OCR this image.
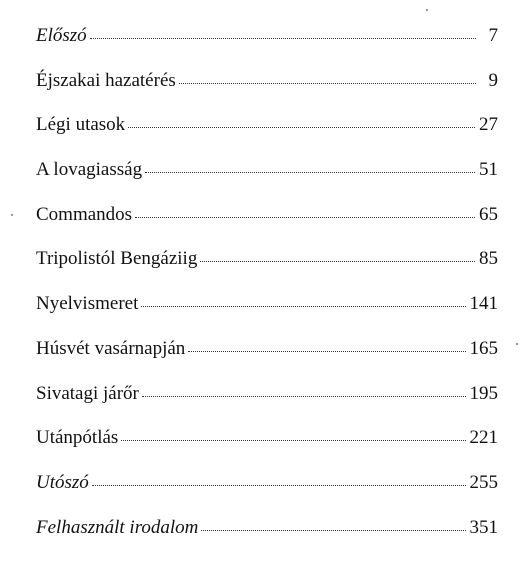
Előszó	7
Éjszakai hazatérés	9
Légi utasok	27
A lovagiasság	51
Commandos	65
Tripolistól Bengáziig	85
Nyelvismeret	141
Húsvét vasárnapján	165
Sivatagi járőr	195
Utánpótlás	221
Utószó	255
Felhasznált irodalom	351
